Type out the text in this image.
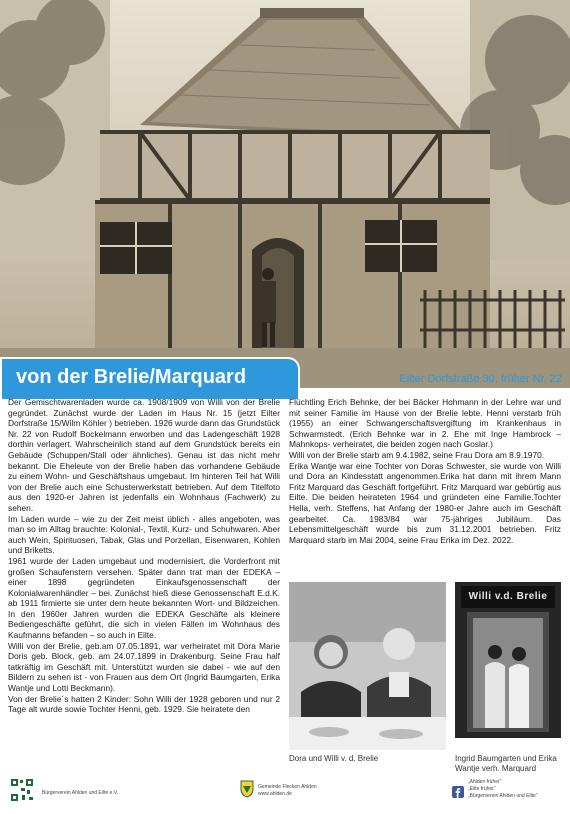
von der Brelie/Marquard	Eilter Dorfstraße 30, früher Nr. 22

Der Gemischtwarenladen wurde ca. 1908/1909 von Willi von der Brelie gegründet. Zunächst wurde der Laden im Haus Nr. 15 (jetzt Eilter Dorfstraße 15/Wilm Köhler ) betrieben. 1926 wurde dann das Grundstück Nr. 22 von Rudolf Bockelmann erworben und das Ladengeschäft 1928 dorthin verlagert. Wahrscheinlich stand auf dem Grundstück bereits ein Gebäude (Schuppen/Stall oder ähnliches). Genau ist das nicht mehr bekannt. Die Eheleute von der Brelie haben das vorhandene Gebäude zu einem Wohn- und Geschäftshaus umgebaut. Im hinteren Teil hat Willi von der Brelie auch eine Schusterwerkstatt betrieben. Auf dem Titelfoto aus den 1920-er Jahren ist jedenfalls ein Wohnhaus (Fachwerk) zu sehen.

Im Laden wurde – wie zu der Zeit meist üblich - alles angeboten, was man so im Alltag brauchte: Kolonial-, Textil, Kurz- und Schuhwaren. Aber auch Wein, Spirituosen, Tabak, Glas und Porzellan, Eisenwaren, Kohlen und Briketts.

1961 wurde der Laden umgebaut und modernisiert, die Vorderfront mit großen Schaufenstern versehen. Später dann trat man der EDEKA – einer 1898 gegründeten Einkaufsgenossenschaft der Kolonialwarenhändler – bei. Zunächst hieß diese Genossenschaft E.d.K. ab 1911 firmierte sie unter dem heute bekannten Wort- und Bildzeichen. In den 1960er Jahren wurden die EDEKA Geschäfte als kleinere Bediengeschäfte geführt, die sich in vielen Fällen im Wohnhaus des Kaufmanns befanden – so auch in Eilte.

Willi von der Brelie, geb.am 07.05.1891, war verheiratet mit Dora Marie Doris geb. Block, geb. am 24.07.1899 in Drakenburg. Seine Frau half tatkräftig im Geschäft mit. Unterstützt wurden sie dabei - wie auf den Bildern zu sehen ist - von Frauen aus dem Ort (Ingrid Baumgarten, Erika Wantje und Lotti Beckmann).

Von der Brelie´s hatten 2 Kinder: Sohn Willi der 1928 geboren und nur 2 Tage alt wurde sowie Tochter Henni, geb. 1929. Sie heiratete den

Flüchtling Erich Behnke, der bei Bäcker Hohmann in der Lehre war und mit seiner Familie im Hause von der Brelie lebte. Henni verstarb früh (1955) an einer Schwangerschaftsvergiftung im Krankenhaus in Schwarmstedt. (Erich Behnke war in 2. Ehe mit Inge Hambrock – Mahnkops- verheiratet, die beiden zogen nach Goslar.)

Willi von der Brelie starb am 9.4.1982, seine Frau Dora am 8.9.1970.

Erika Wantje war eine Tochter von Doras Schwester, sie wurde von Willi und Dora an Kindesstatt angenommen.Erika hat dann mit ihrem Mann Fritz Marquard das Geschäft fortgeführt. Fritz Marquard war gebürtig aus Eilte. Die beiden heirateten 1964 und gründeten eine Familie.Tochter Hella, verh. Steffens, hat Anfang der 1980-er Jahre auch im Geschäft gearbeitet. Ca. 1983/84 war 75-jähriges Jubiläum. Das Lebensmittelgeschäft wurde bis zum 31.12.2001 betrieben. Fritz Marquard starb im Mai 2004, seine Frau Erika im Dez. 2022.

Dora und Willi v. d. Brelie
Willi v.d. Brelie
Ingrid Baumgarten und Erika
Wantje verh. Marquard
Bürgerverein Ahlden und Eilte e.V.
Gemeinde Flecken Ahlden
www.ahlden.de
„Ahlden früher“
„Eilte früher“
„Bürgerverein Ahlden und Eilte“
